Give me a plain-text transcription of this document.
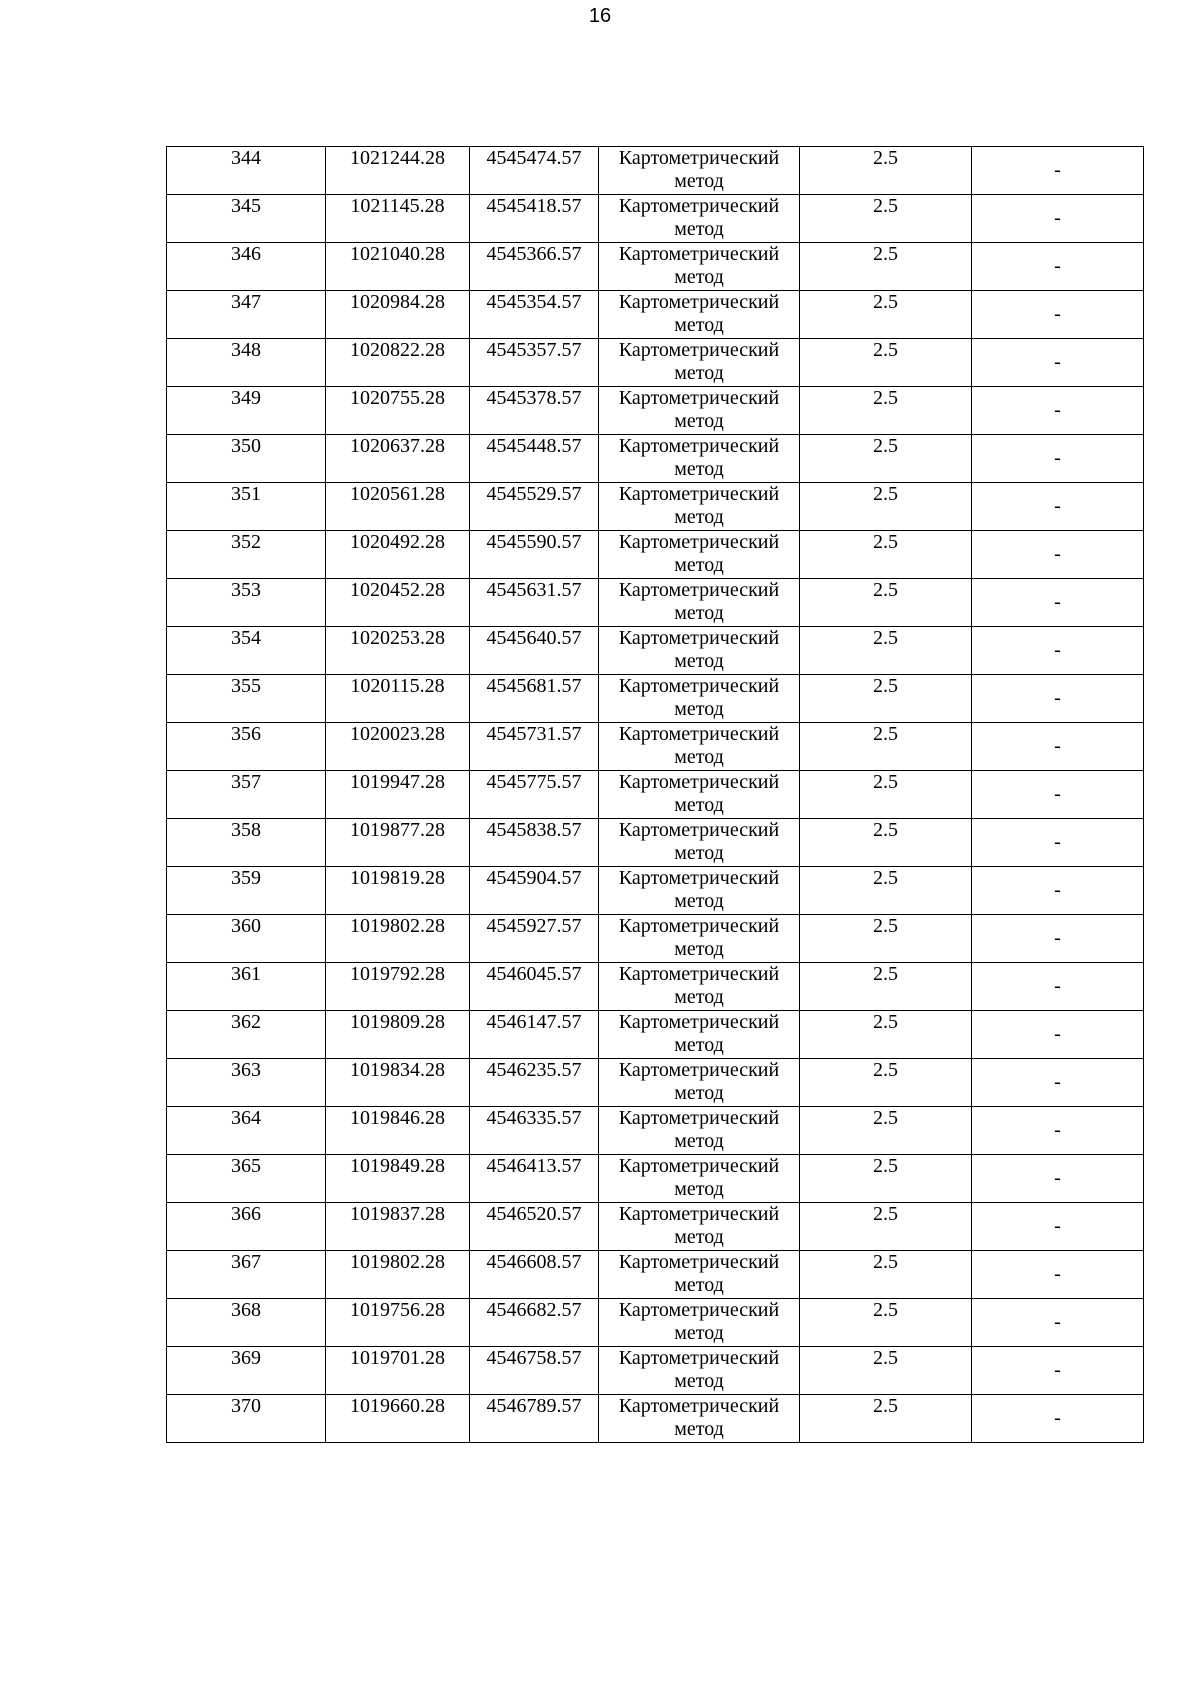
16
344	1021244.28	4545474.57	Картометрический
метод	2.5	-
345	1021145.28	4545418.57	Картометрический
метод	2.5	-
346	1021040.28	4545366.57	Картометрический
метод	2.5	-
347	1020984.28	4545354.57	Картометрический
метод	2.5	-
348	1020822.28	4545357.57	Картометрический
метод	2.5	-
349	1020755.28	4545378.57	Картометрический
метод	2.5	-
350	1020637.28	4545448.57	Картометрический
метод	2.5	-
351	1020561.28	4545529.57	Картометрический
метод	2.5	-
352	1020492.28	4545590.57	Картометрический
метод	2.5	-
353	1020452.28	4545631.57	Картометрический
метод	2.5	-
354	1020253.28	4545640.57	Картометрический
метод	2.5	-
355	1020115.28	4545681.57	Картометрический
метод	2.5	-
356	1020023.28	4545731.57	Картометрический
метод	2.5	-
357	1019947.28	4545775.57	Картометрический
метод	2.5	-
358	1019877.28	4545838.57	Картометрический
метод	2.5	-
359	1019819.28	4545904.57	Картометрический
метод	2.5	-
360	1019802.28	4545927.57	Картометрический
метод	2.5	-
361	1019792.28	4546045.57	Картометрический
метод	2.5	-
362	1019809.28	4546147.57	Картометрический
метод	2.5	-
363	1019834.28	4546235.57	Картометрический
метод	2.5	-
364	1019846.28	4546335.57	Картометрический
метод	2.5	-
365	1019849.28	4546413.57	Картометрический
метод	2.5	-
366	1019837.28	4546520.57	Картометрический
метод	2.5	-
367	1019802.28	4546608.57	Картометрический
метод	2.5	-
368	1019756.28	4546682.57	Картометрический
метод	2.5	-
369	1019701.28	4546758.57	Картометрический
метод	2.5	-
370	1019660.28	4546789.57	Картометрический
метод	2.5	-
